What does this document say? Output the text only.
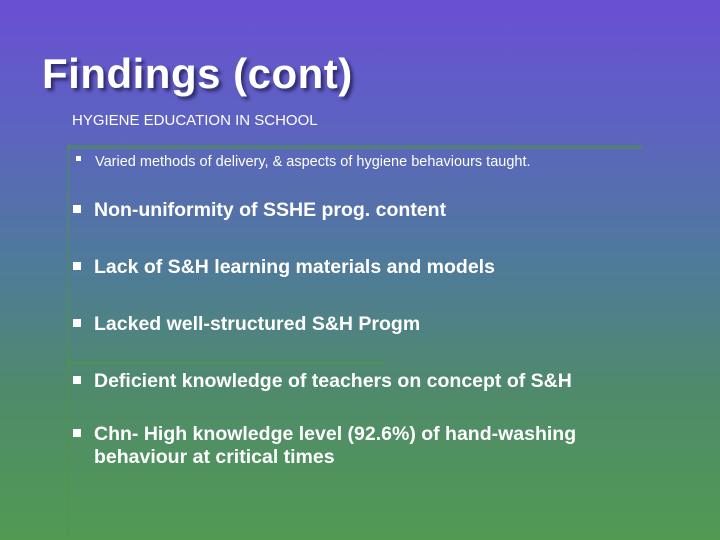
Findings (cont)
HYGIENE EDUCATION IN SCHOOL
Varied methods of delivery, & aspects of hygiene behaviours taught.
Non-uniformity of SSHE prog. content
Lack of S&H learning materials and models
Lacked well-structured S&H Progm
Deficient knowledge of teachers on concept of S&H
Chn- High knowledge level (92.6%) of hand-washing behaviour at critical times
